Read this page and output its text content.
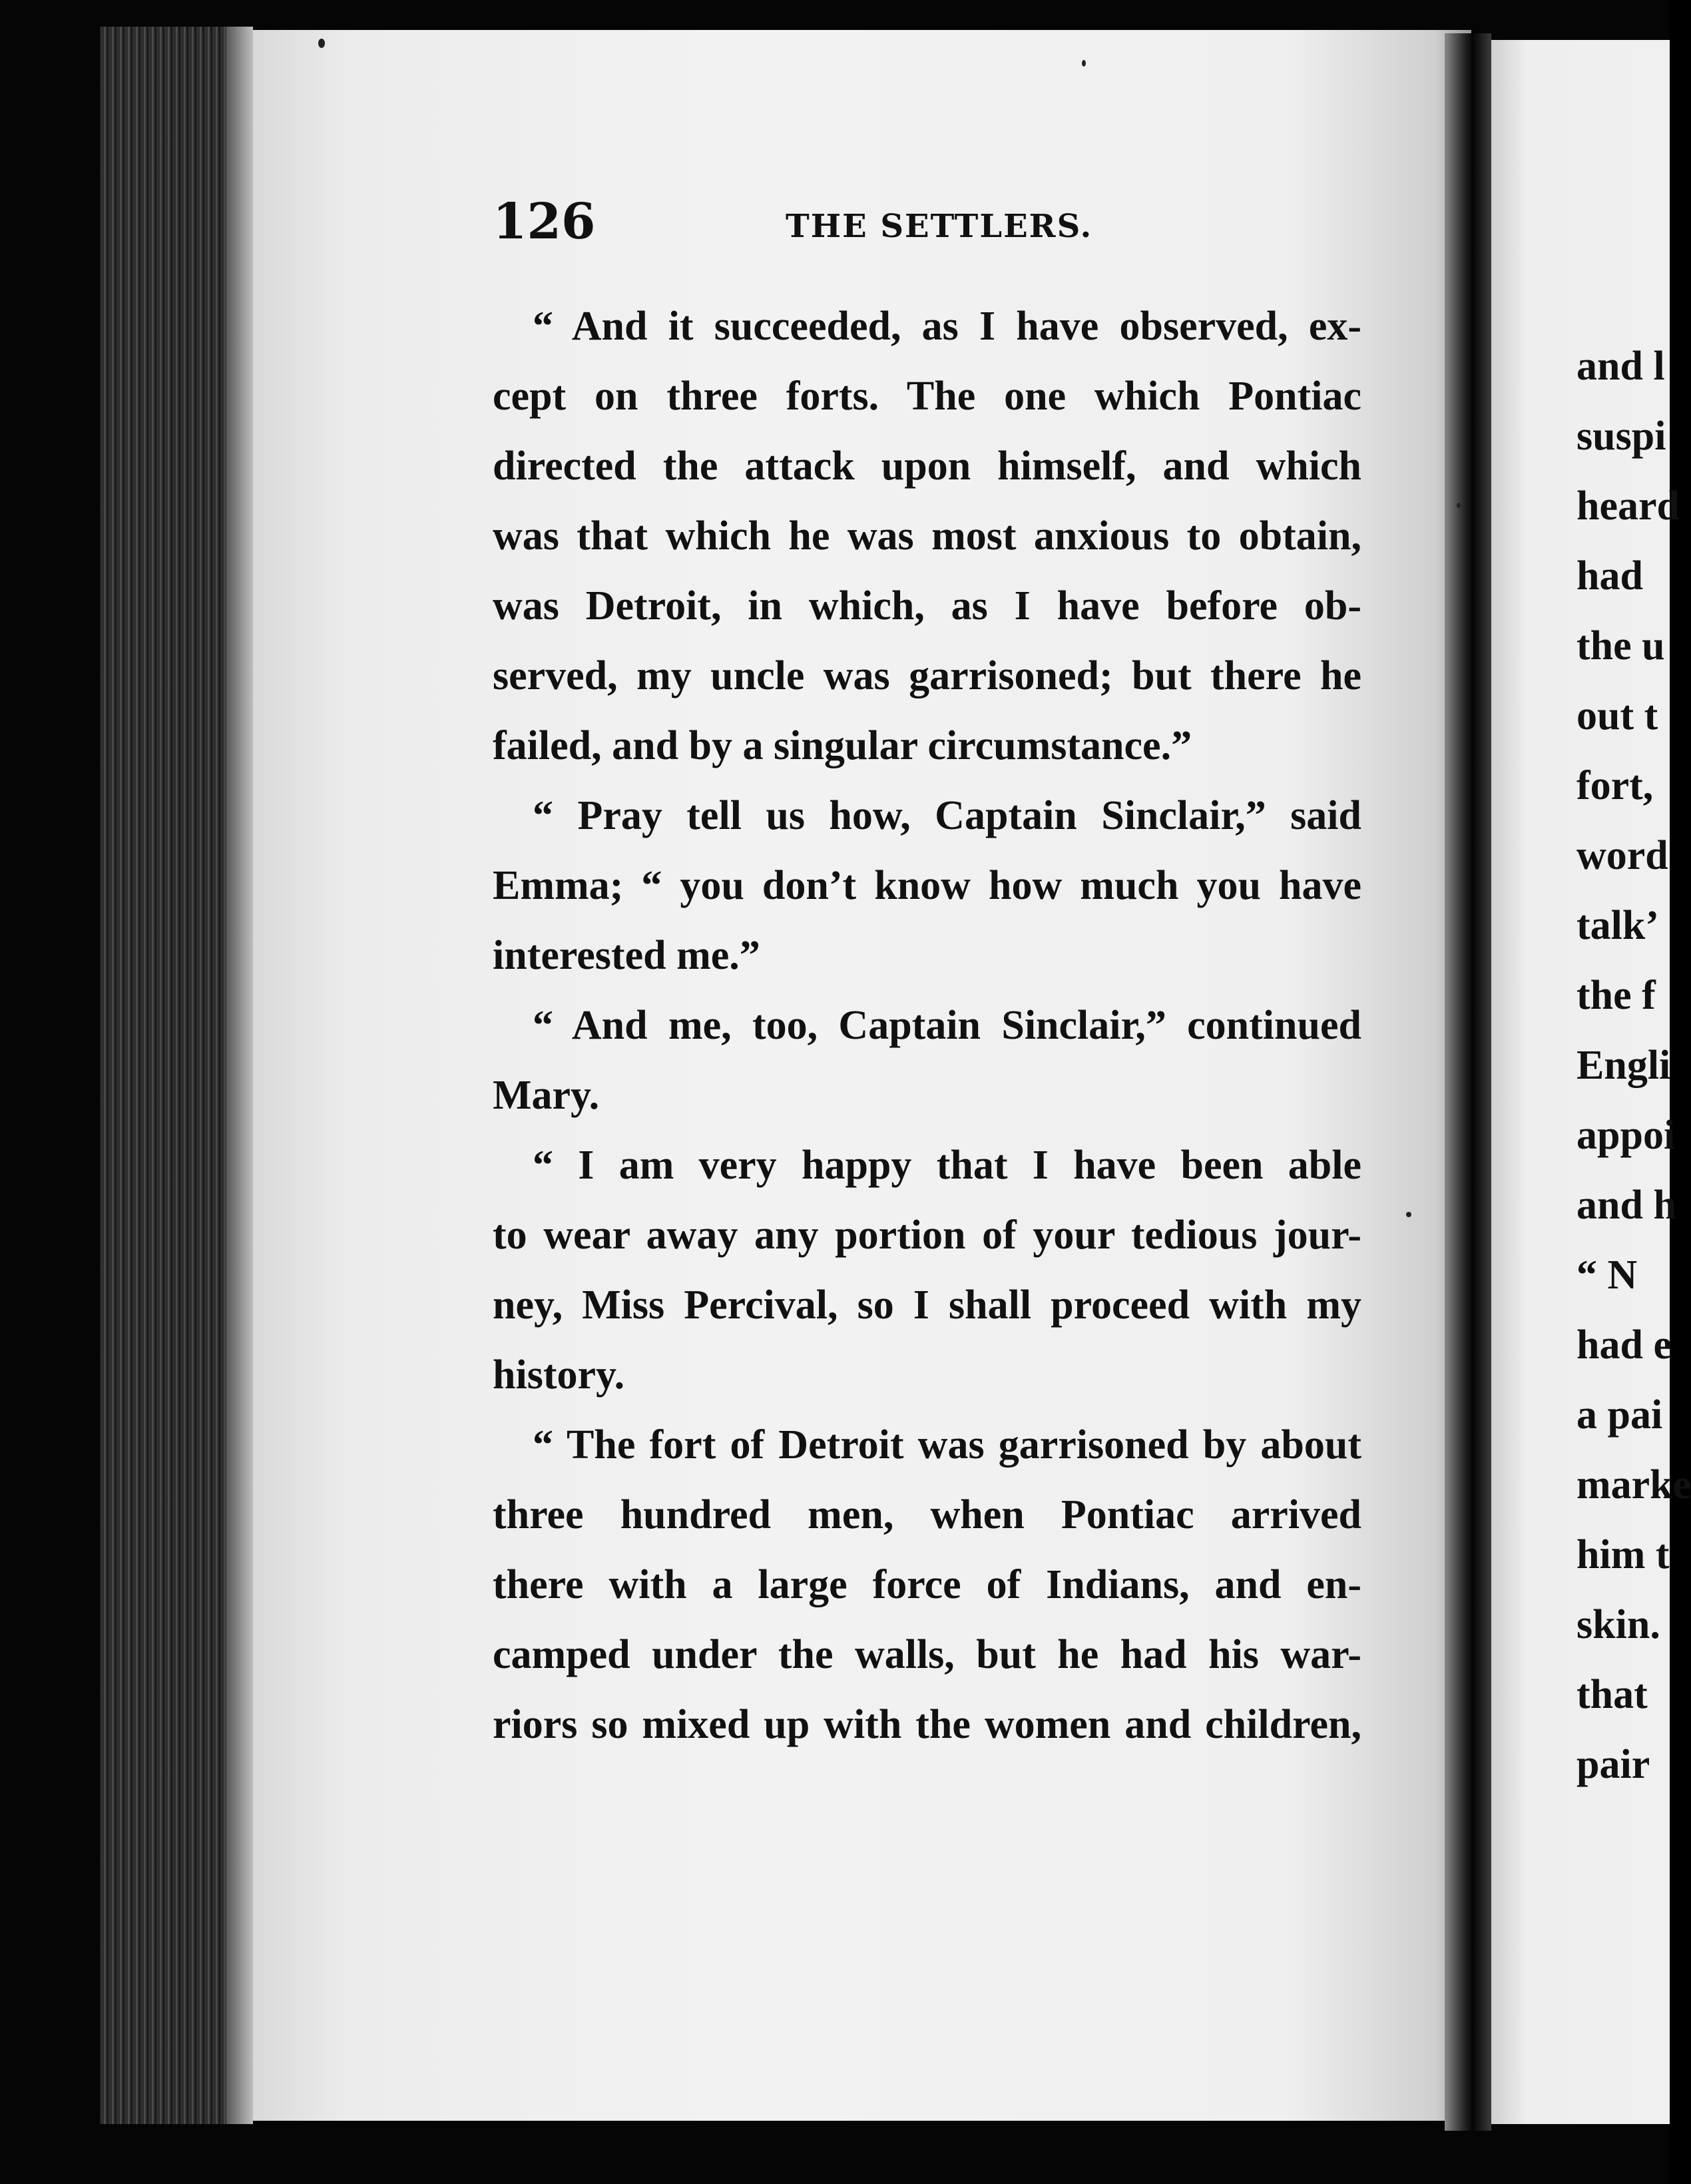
and l
suspi
heard
had
the u
out t
fort,
word
talk’
the f
Engli
appoi
and h
“ N
had e
a pai
marke
him t
skin.
that
pair
126	THE SETTLERS.
“ And it succeeded, as I have observed, ex-
cept on three forts. The one which Pontiac
directed the attack upon himself, and which
was that which he was most anxious to obtain,
was Detroit, in which, as I have before ob-
served, my uncle was garrisoned; but there he
failed, and by a singular circumstance.”
“ Pray tell us how, Captain Sinclair,” said
Emma; “ you don’t know how much you have
interested me.”
“ And me, too, Captain Sinclair,” continued
Mary.
“ I am very happy that I have been able
to wear away any portion of your tedious jour-
ney, Miss Percival, so I shall proceed with my
history.
“ The fort of Detroit was garrisoned by about
three hundred men, when Pontiac arrived
there with a large force of Indians, and en-
camped under the walls, but he had his war-
riors so mixed up with the women and children,
